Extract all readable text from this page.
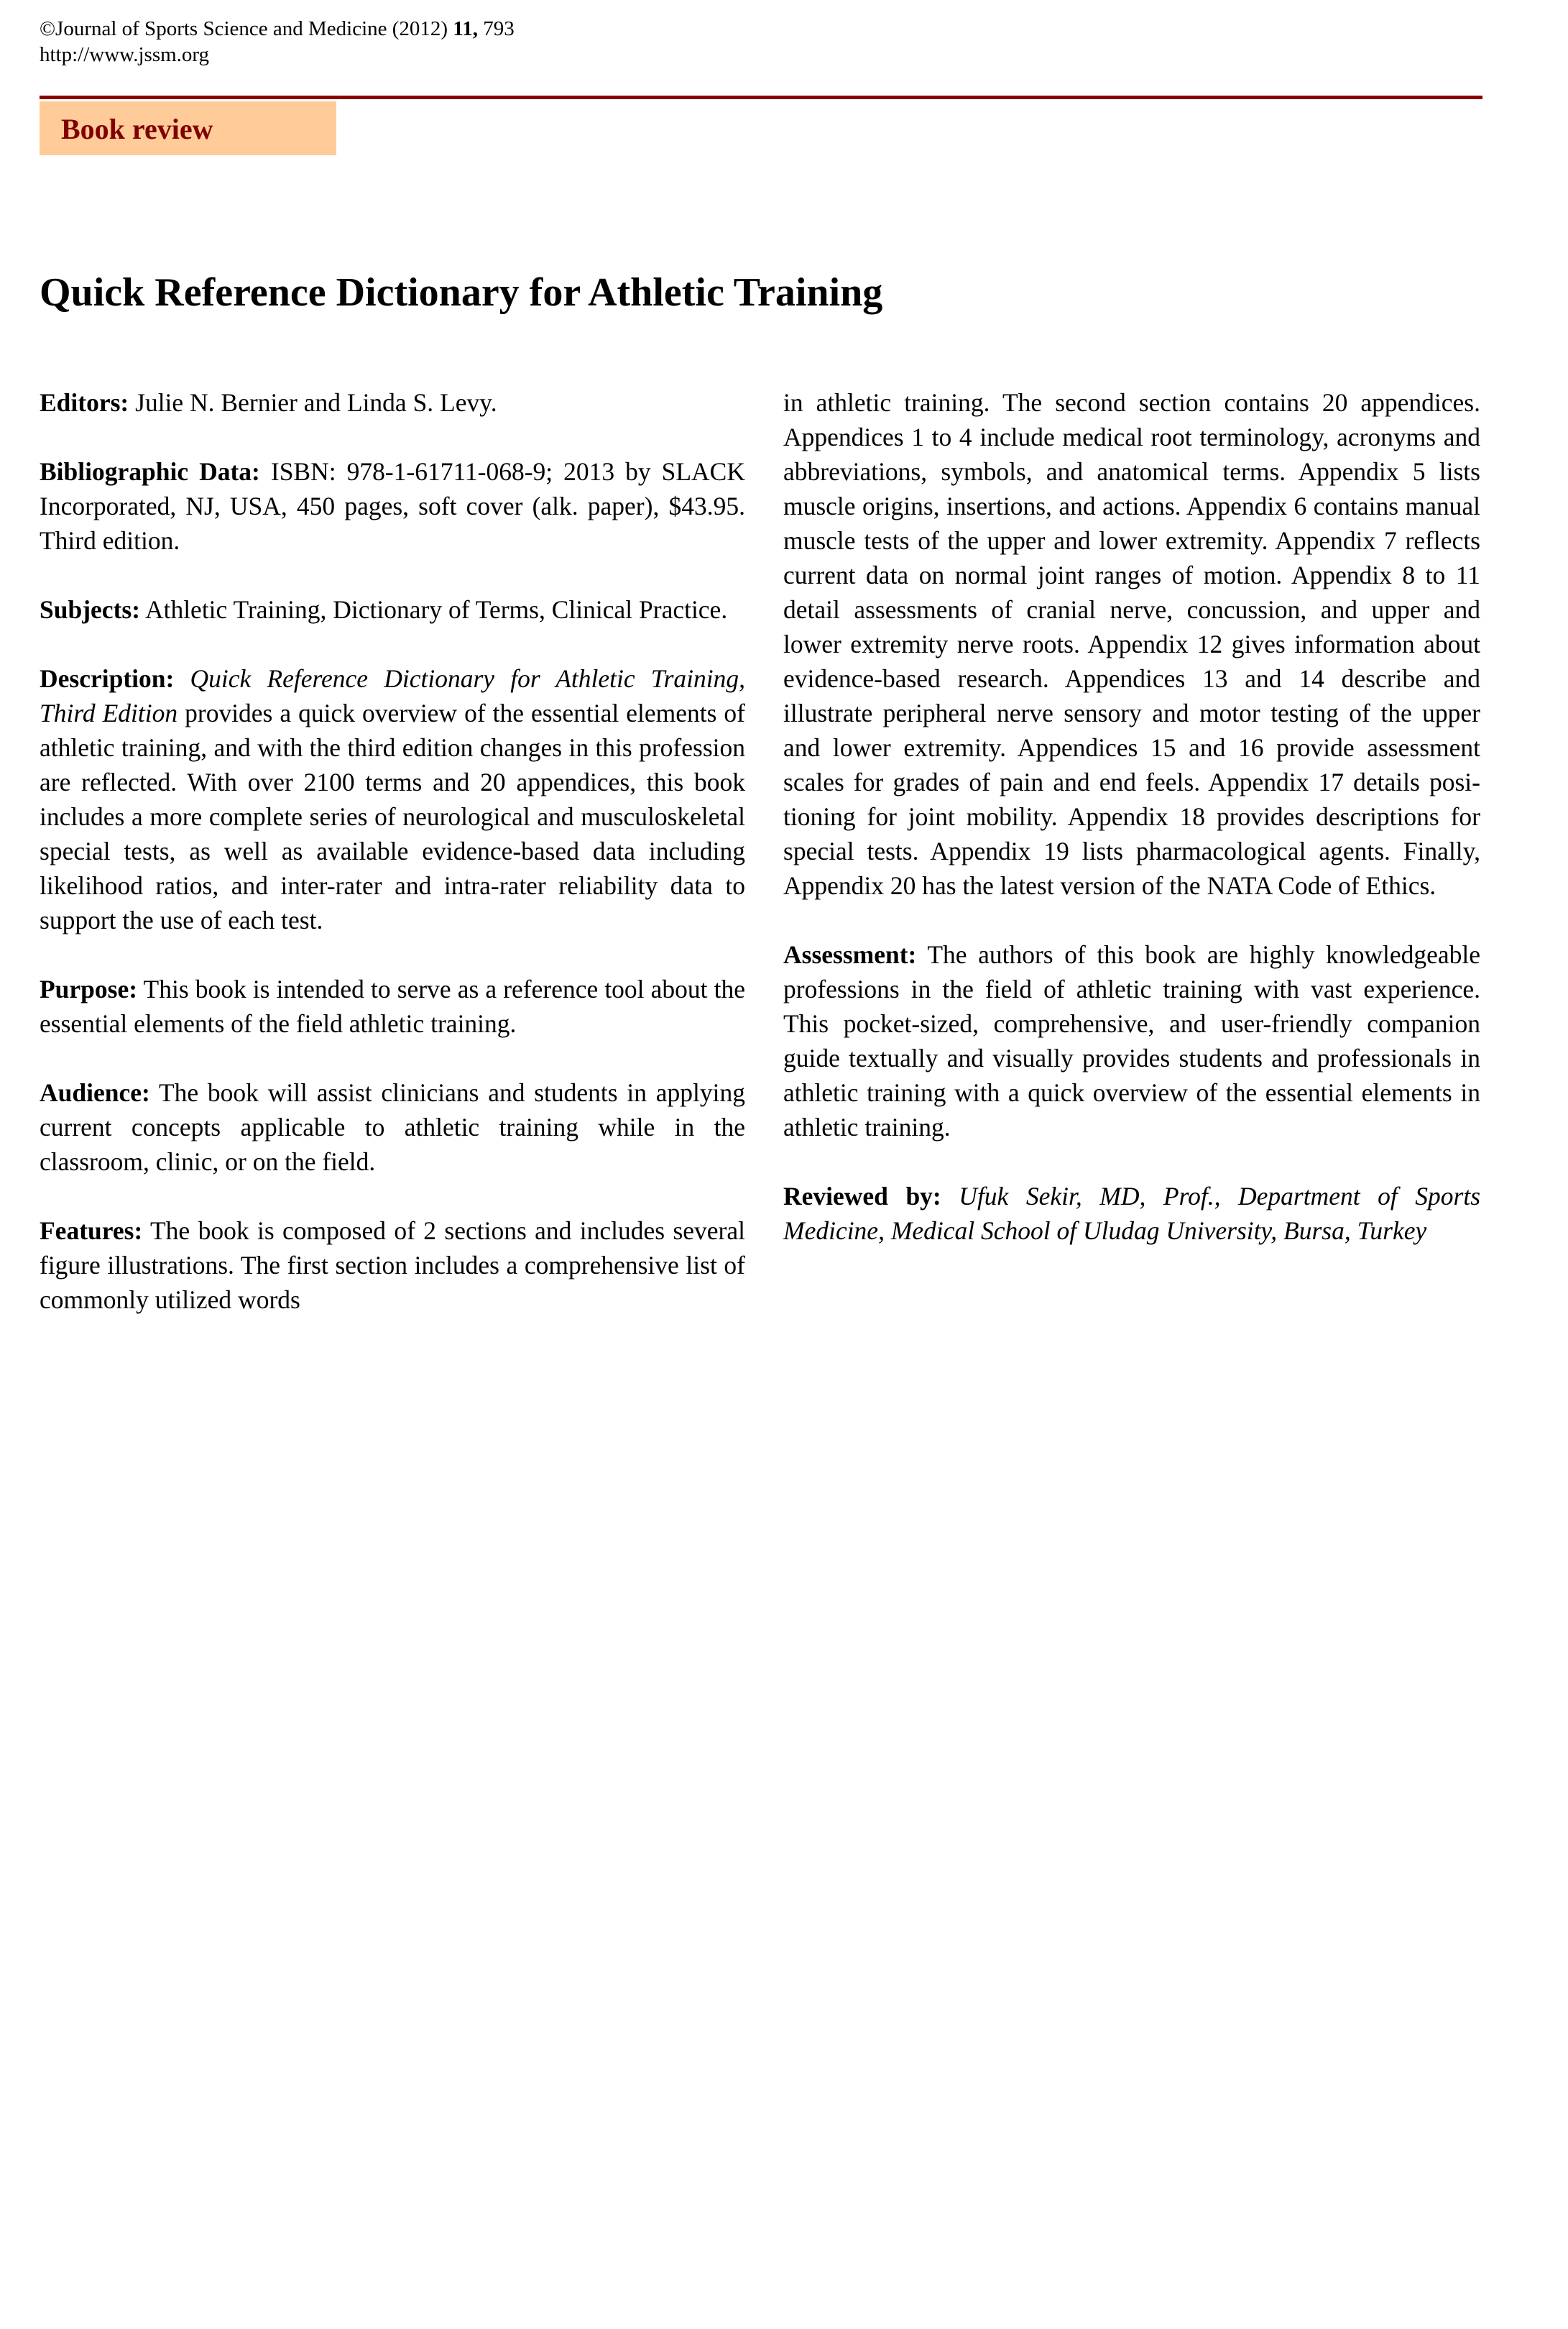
©Journal of Sports Science and Medicine (2012) 11, 793
http://www.jssm.org
Book review
Quick Reference Dictionary for Athletic Training

Editors: Julie N. Bernier and Linda S. Levy.

Bibliographic Data: ISBN: 978-1-61711-068-9; 2013 by SLACK Incorporated, NJ, USA, 450 pages, soft cover (alk. paper), $43.95. Third edition.

Subjects: Athletic Training, Dictionary of Terms, Clinical Practice.

Description: Quick Reference Dictionary for Athletic Training, Third Edition provides a quick overview of the essential elements of athletic training, and with the third edition changes in this profession are reflected. With over 2100 terms and 20 appendices, this book includes a more complete series of neurological and musculoskeletal special tests, as well as available evidence-based data including likelihood ratios, and inter-rater and intra-rater reliability data to support the use of each test.

Purpose: This book is intended to serve as a reference tool about the essential elements of the field athletic training.

Audience: The book will assist clinicians and students in applying current concepts applicable to athletic training while in the classroom, clinic, or on the field.

Features: The book is composed of 2 sections and includes several figure illustrations. The first section includes a comprehensive list of commonly utilized words

in athletic training. The second section contains 20 appendices. Appendices 1 to 4 include medical root terminology, acronyms and abbreviations, symbols, and anatomical terms. Appendix 5 lists muscle origins, insertions, and actions. Appendix 6 contains manual muscle tests of the upper and lower extremity. Appendix 7 reflects current data on normal joint ranges of motion. Appendix 8 to 11 detail assessments of cranial nerve, concussion, and upper and lower extremity nerve roots. Appendix 12 gives information about evidence-based research. Appendices 13 and 14 describe and illustrate peripheral nerve sensory and motor testing of the upper and lower extremity. Appendices 15 and 16 provide assessment scales for grades of pain and end feels. Appendix 17 details positioning for joint mobility. Appendix 18 provides descriptions for special tests. Appendix 19 lists pharmacological agents. Finally, Appendix 20 has the latest version of the NATA Code of Ethics.

Assessment: The authors of this book are highly knowledgeable professions in the field of athletic training with vast experience. This pocket-sized, comprehensive, and user-friendly companion guide textually and visually provides students and professionals in athletic training with a quick overview of the essential elements in athletic training.

Reviewed by: Ufuk Sekir, MD, Prof., Department of Sports Medicine, Medical School of Uludag University, Bursa, Turkey
